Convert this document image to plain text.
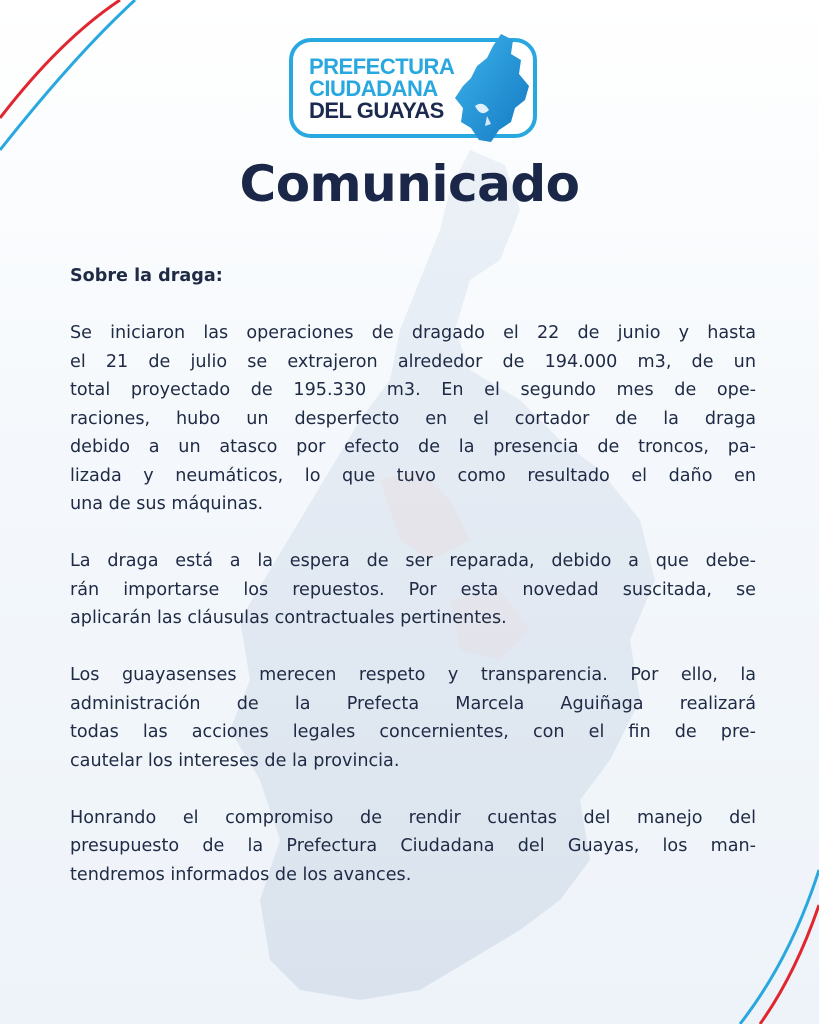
PREFECTURA
CIUDADANA
DEL GUAYAS
Comunicado
Sobre la draga:
Se iniciaron las operaciones de dragado el 22 de junio y hasta
el 21 de julio se extrajeron alrededor de 194.000 m3, de un
total proyectado de 195.330 m3. En el segundo mes de ope-
raciones, hubo un desperfecto en el cortador de la draga
debido a un atasco por efecto de la presencia de troncos, pa-
lizada y neumáticos, lo que tuvo como resultado el daño en
una de sus máquinas.
La draga está a la espera de ser reparada, debido a que debe-
rán importarse los repuestos. Por esta novedad suscitada, se
aplicarán las cláusulas contractuales pertinentes.
Los guayasenses merecen respeto y transparencia. Por ello, la
administración de la Prefecta Marcela Aguiñaga realizará
todas las acciones legales concernientes, con el fin de pre-
cautelar los intereses de la provincia.
Honrando el compromiso de rendir cuentas del manejo del
presupuesto de la Prefectura Ciudadana del Guayas, los man-
tendremos informados de los avances.
